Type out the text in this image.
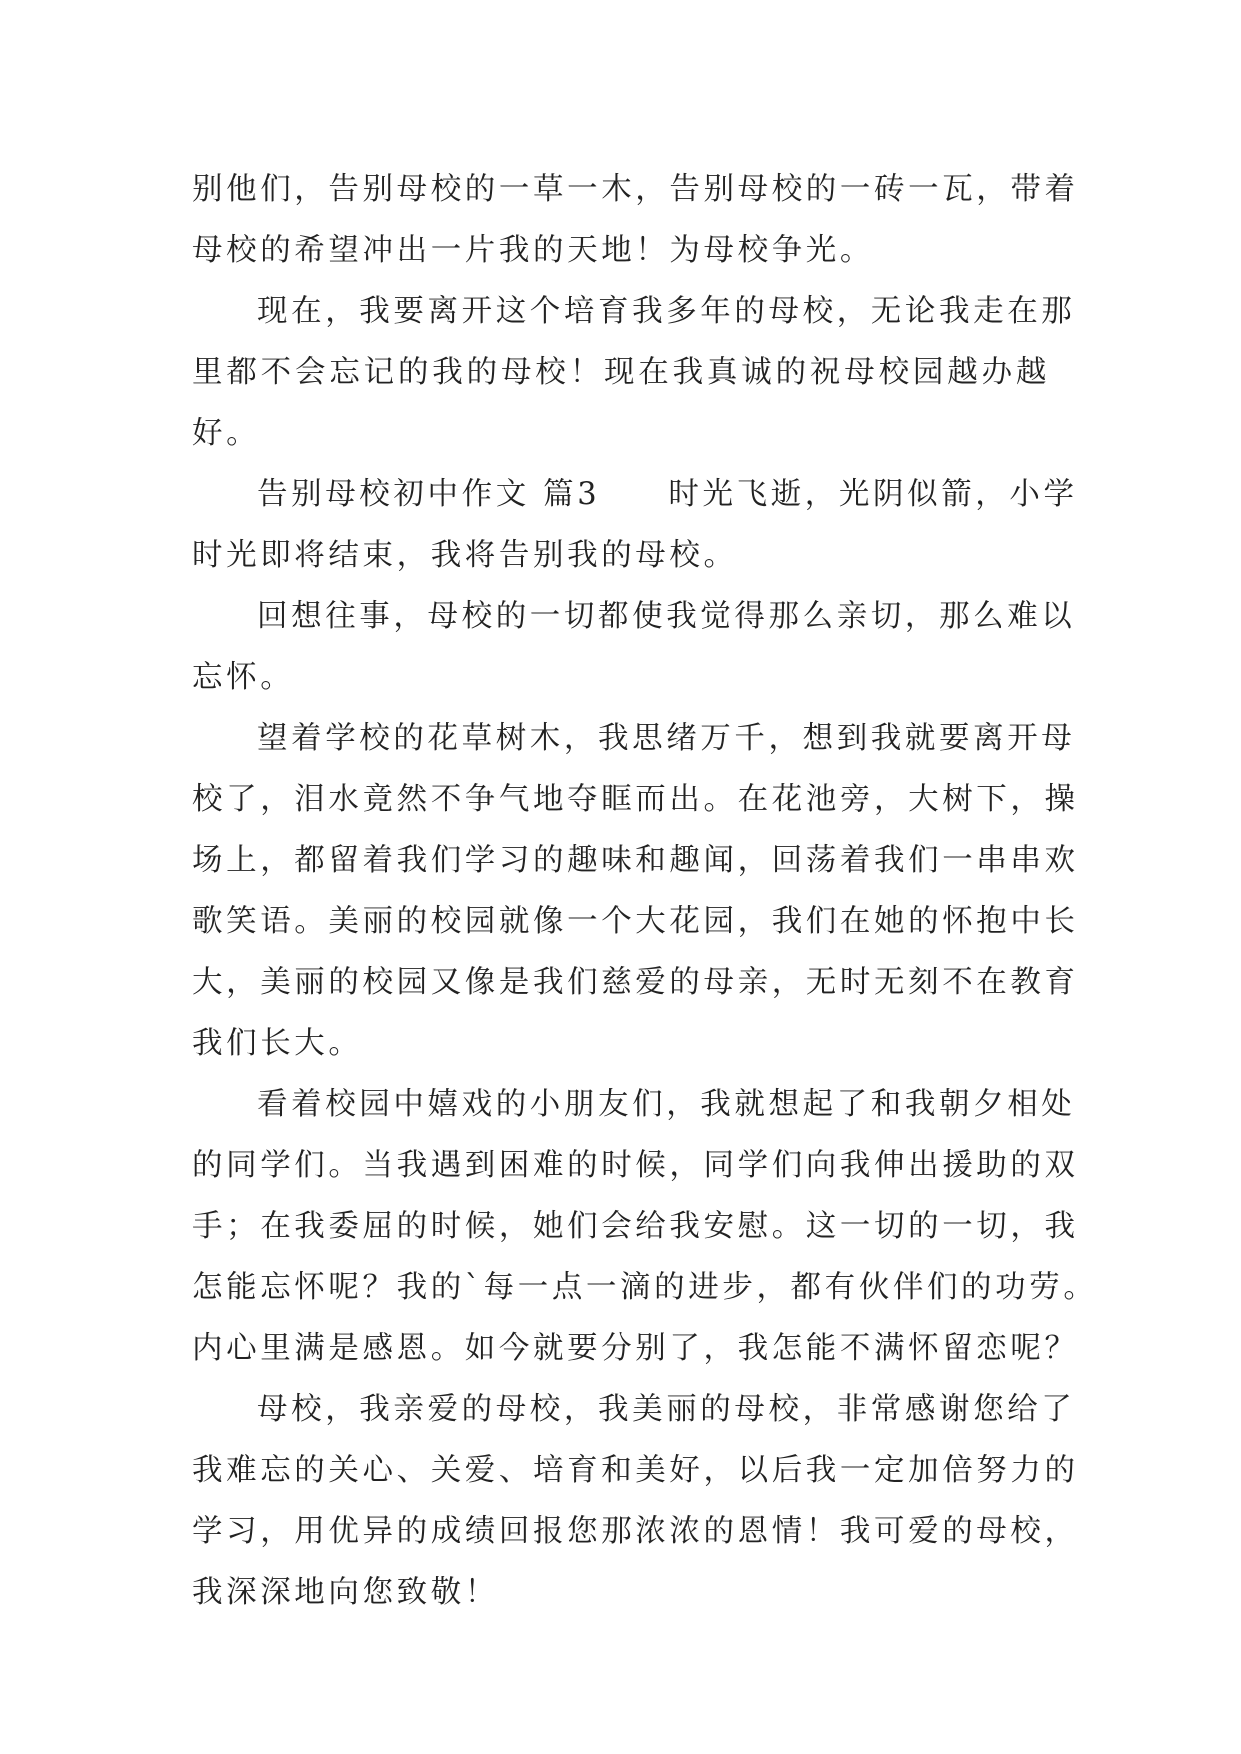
别他们，告别母校的一草一木，告别母校的一砖一瓦，带着

母校的希望冲出一片我的天地！为母校争光。

现在，我要离开这个培育我多年的母校，无论我走在那

里都不会忘记的我的母校！现在我真诚的祝母校园越办越

好。

告别母校初中作文 篇3　　时光飞逝，光阴似箭，小学

时光即将结束，我将告别我的母校。

回想往事，母校的一切都使我觉得那么亲切，那么难以

忘怀。

望着学校的花草树木，我思绪万千，想到我就要离开母

校了，泪水竟然不争气地夺眶而出。在花池旁，大树下，操

场上，都留着我们学习的趣味和趣闻，回荡着我们一串串欢

歌笑语。美丽的校园就像一个大花园，我们在她的怀抱中长

大，美丽的校园又像是我们慈爱的母亲，无时无刻不在教育

我们长大。

看着校园中嬉戏的小朋友们，我就想起了和我朝夕相处

的同学们。当我遇到困难的时候，同学们向我伸出援助的双

手；在我委屈的时候，她们会给我安慰。这一切的一切，我

怎能忘怀呢？我的`每一点一滴的进步，都有伙伴们的功劳。

内心里满是感恩。如今就要分别了，我怎能不满怀留恋呢？

母校，我亲爱的母校，我美丽的母校，非常感谢您给了

我难忘的关心、关爱、培育和美好，以后我一定加倍努力的

学习，用优异的成绩回报您那浓浓的恩情！我可爱的母校，

我深深地向您致敬！
